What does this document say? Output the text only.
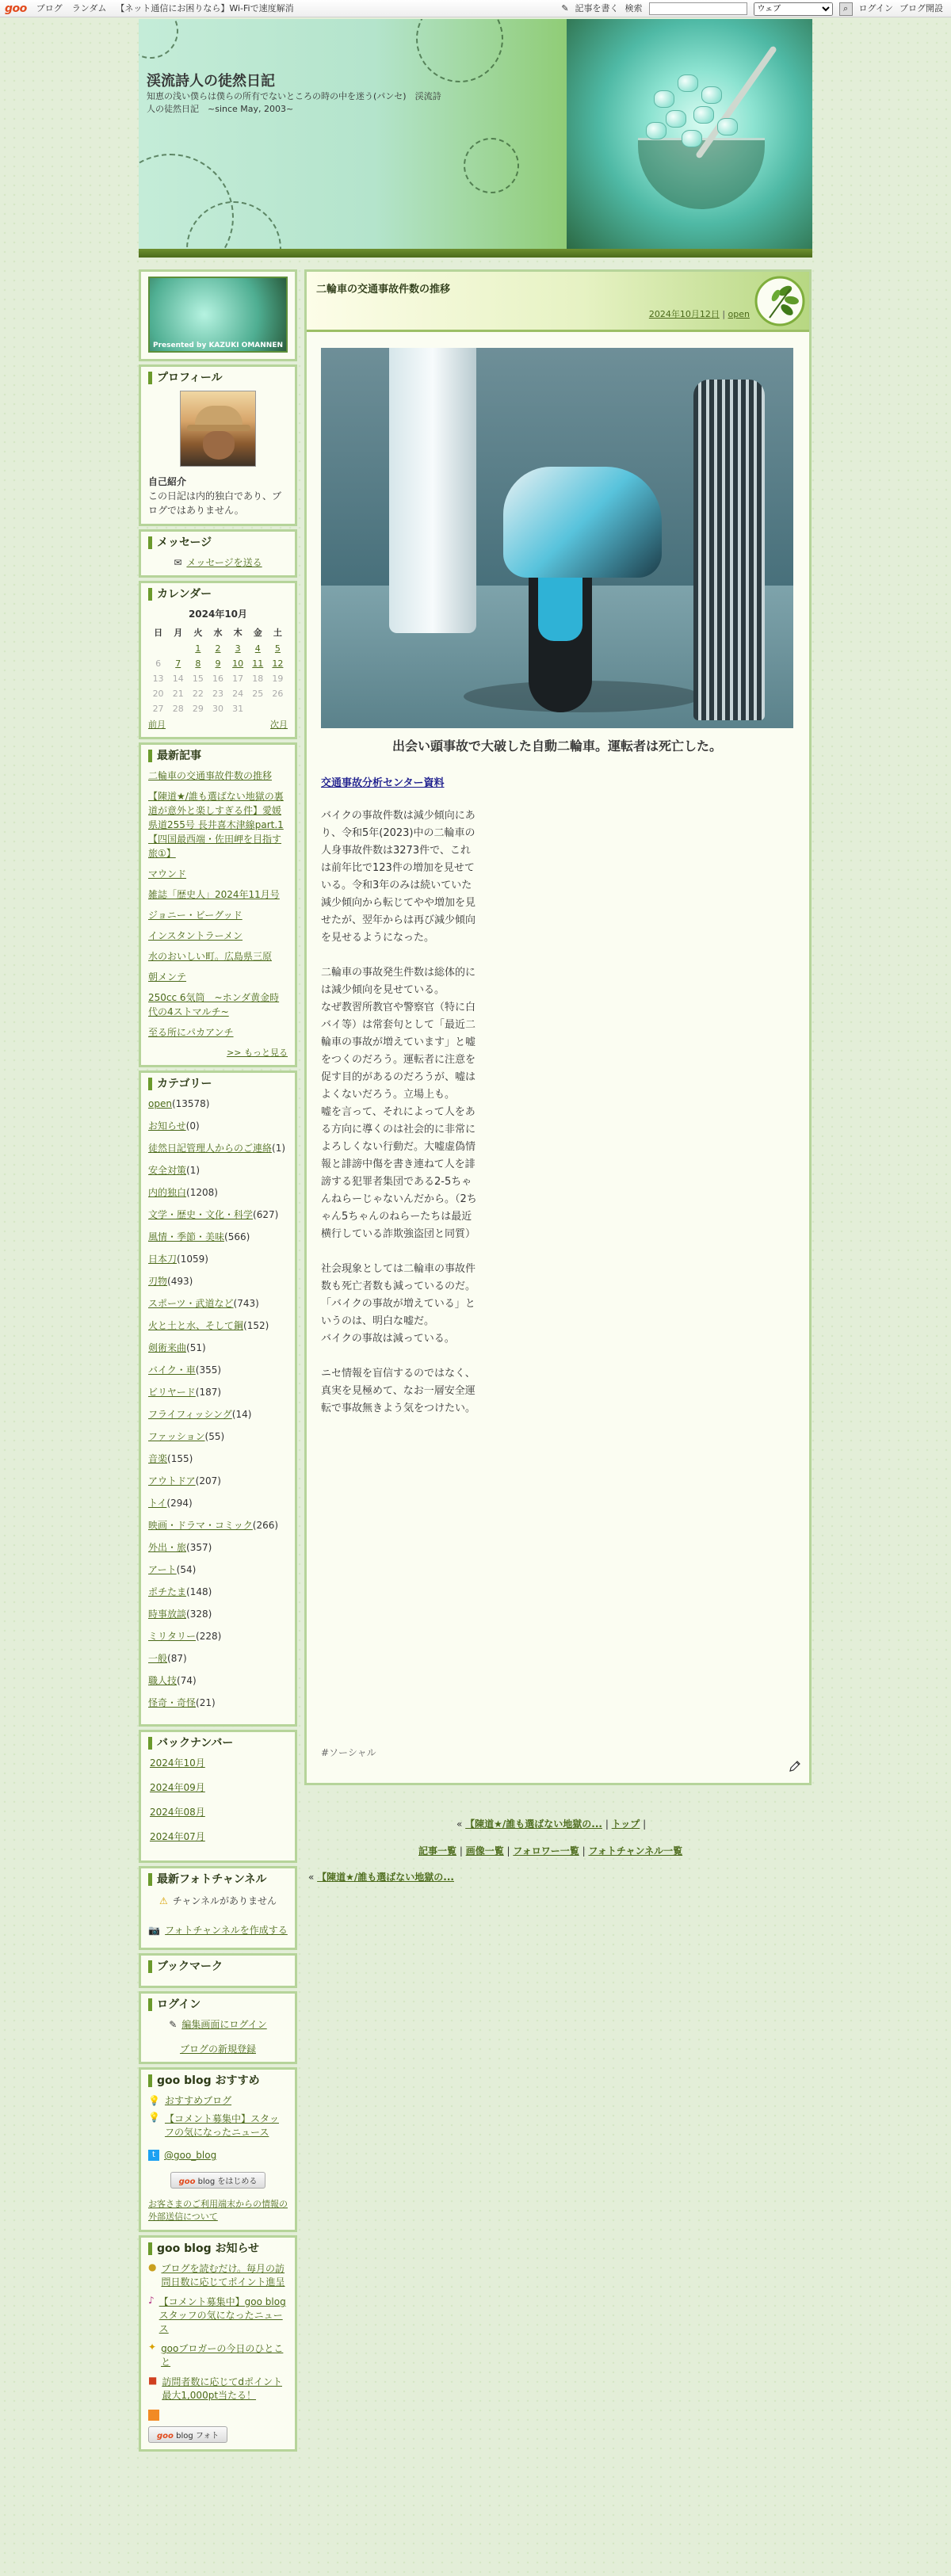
goo ブログ ランダム 【ネット通信にお困りなら】Wi-Fiで速度解消	✎ 記事を書く 検索
ウェブ	⌕	ログイン ブログ開設
渓流詩人の徒然日記
知恵の浅い僕らは僕らの所有でないところの時の中を迷う(パンセ)　渓流詩人の徒然日記　~since May, 2003~
Presented by KAZUKI OMANNEN
プロフィール
自己紹介
この日記は内的独白であり、ブログではありません。
メッセージ
✉ メッセージを送る
カレンダー
2024年10月
日	月	火	水	木	金	土
		1	2	3	4	5
6	7	8	9	10	11	12
13	14	15	16	17	18	19
20	21	22	23	24	25	26
27	28	29	30	31		
前月	次月
最新記事
二輪車の交通事故件数の推移
【陳道★/誰も選ばない地獄の裏道が意外と楽しすぎる件】愛媛県道255号 長井喜木津線part.1【四国最西端・佐田岬を目指す旅①】
マウンド
雑誌「歴史人」2024年11月号
ジョニー・ビーグッド
インスタントラーメン
水のおいしい町。広島県三原
朝メンテ
250cc 6気筒　~ホンダ黄金時代の4ストマルチ~
至る所にパカアンチ
>> もっと見る
カテゴリー
open(13578)
お知らせ(0)
徒然日記管理人からのご連絡(1)
安全対策(1)
内的独白(1208)
文学・歴史・文化・科学(627)
風情・季節・美味(566)
日本刀(1059)
刃物(493)
スポーツ・武道など(743)
火と土と水、そして鋼(152)
剣術来曲(51)
バイク・車(355)
ビリヤード(187)
フライフィッシング(14)
ファッション(55)
音楽(155)
アウトドア(207)
トイ(294)
映画・ドラマ・コミック(266)
外出・旅(357)
アート(54)
ポチたま(148)
時事放談(328)
ミリタリー(228)
一般(87)
職人技(74)
怪奇・奇怪(21)
バックナンバー
2024年10月
2024年09月
2024年08月
2024年07月
最新フォトチャンネル
⚠ チャンネルがありません
📷 フォトチャンネルを作成する
ブックマーク
ログイン
✎ 編集画面にログイン
ブログの新規登録
goo blog おすすめ
💡 おすすめブログ
💡 【コメント募集中】スタッフの気になったニュース
t @goo_blog
goo blog をはじめる
お客さまのご利用端末からの情報の外部送信について
goo blog お知らせ
● ブログを読むだけ。毎月の訪問日数に応じてポイント進呈
♪ 【コメント募集中】goo blogスタッフの気になったニュース
✦ gooブロガーの今日のひとこと
■ 訪問者数に応じてdポイント最大1,000pt当たる！
goo blog フォト
二輪車の交通事故件数の推移
2024年10月12日 | open
出会い頭事故で大破した自動二輪車。運転者は死亡した。
交通事故分析センター資料

バイクの事故件数は減少傾向にあり、令和5年(2023)中の二輪車の人身事故件数は3273件で、これは前年比で123件の増加を見せている。令和3年のみは続いていた減少傾向から転じてやや増加を見せたが、翌年からは再び減少傾向を見せるようになった。

二輪車の事故発生件数は総体的には減少傾向を見せている。
なぜ教習所教官や警察官（特に白バイ等）は常套句として「最近二輪車の事故が増えています」と嘘をつくのだろう。運転者に注意を促す目的があるのだろうが、嘘はよくないだろう。立場上も。
嘘を言って、それによって人をある方向に導くのは社会的に非常によろしくない行動だ。大嘘虚偽情報と誹謗中傷を書き連ねて人を誹謗する犯罪者集団である2-5ちゃんねらーじゃないんだから。（2ちゃん5ちゃんのねらーたちは最近横行している詐欺強盗団と同質）

社会現象としては二輪車の事故件数も死亡者数も減っているのだ。
「バイクの事故が増えている」というのは、明白な嘘だ。
バイクの事故は減っている。

ニセ情報を盲信するのではなく、真実を見極めて、なお一層安全運転で事故無きよう気をつけたい。

#ソーシャル
« 【陳道★/誰も選ばない地獄の... | トップ |
記事一覧 | 画像一覧 | フォロワー一覧 | フォトチャンネル一覧
« 【陳道★/誰も選ばない地獄の...
